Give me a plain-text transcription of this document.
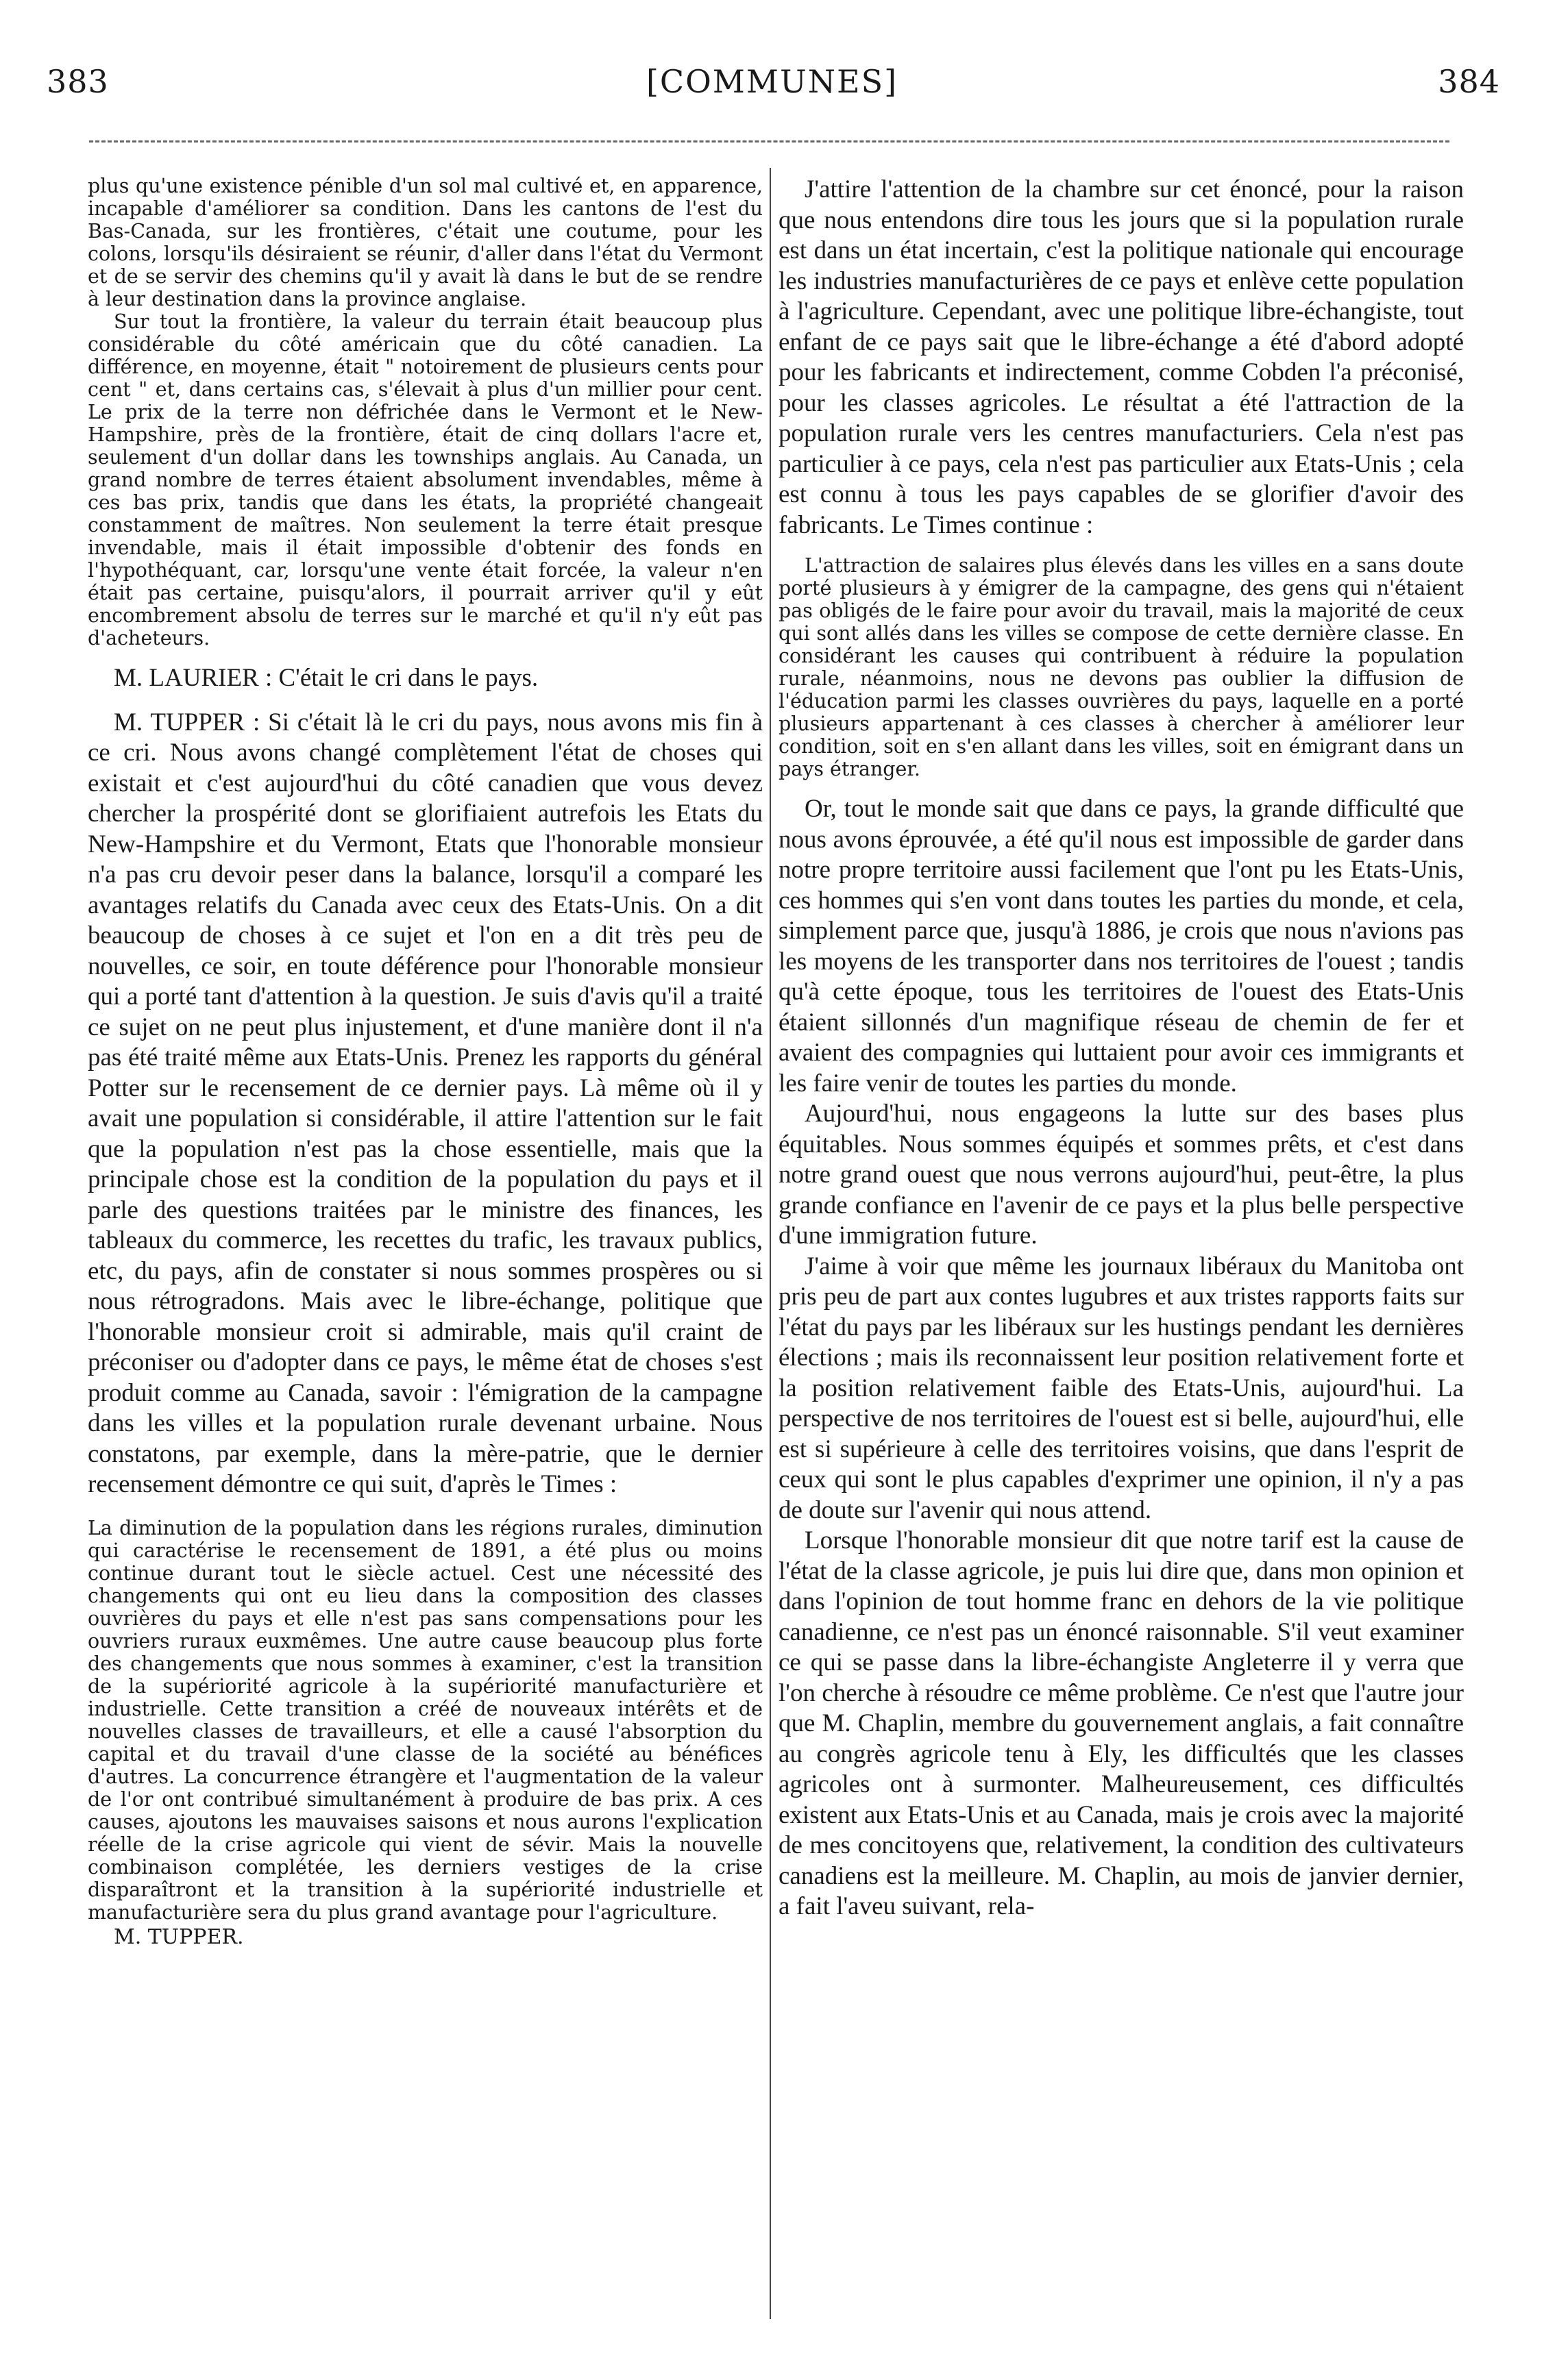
383	[COMMUNES]	384

plus qu'une existence pénible d'un sol mal cultivé et, en apparence, incapable d'améliorer sa condition. Dans les cantons de l'est du Bas-Canada, sur les frontières, c'était une coutume, pour les colons, lorsqu'ils désiraient se réunir, d'aller dans l'état du Vermont et de se servir des chemins qu'il y avait là dans le but de se rendre à leur destination dans la province anglaise.

Sur tout la frontière, la valeur du terrain était beaucoup plus considérable du côté américain que du côté canadien. La différence, en moyenne, était " notoirement de plusieurs cents pour cent " et, dans certains cas, s'élevait à plus d'un millier pour cent. Le prix de la terre non défrichée dans le Vermont et le New-Hampshire, près de la frontière, était de cinq dollars l'acre et, seulement d'un dollar dans les townships anglais. Au Canada, un grand nombre de terres étaient absolument invendables, même à ces bas prix, tandis que dans les états, la propriété changeait constamment de maîtres. Non seulement la terre était presque invendable, mais il était impossible d'obtenir des fonds en l'hypothéquant, car, lorsqu'une vente était forcée, la valeur n'en était pas certaine, puisqu'alors, il pourrait arriver qu'il y eût encombrement absolu de terres sur le marché et qu'il n'y eût pas d'acheteurs.

M. LAURIER : C'était le cri dans le pays.

M. TUPPER : Si c'était là le cri du pays, nous avons mis fin à ce cri. Nous avons changé complètement l'état de choses qui existait et c'est aujourd'hui du côté canadien que vous devez chercher la prospérité dont se glorifiaient autrefois les Etats du New-Hampshire et du Vermont, Etats que l'honorable monsieur n'a pas cru devoir peser dans la balance, lorsqu'il a comparé les avantages relatifs du Canada avec ceux des Etats-Unis. On a dit beaucoup de choses à ce sujet et l'on en a dit très peu de nouvelles, ce soir, en toute déférence pour l'honorable monsieur qui a porté tant d'attention à la question. Je suis d'avis qu'il a traité ce sujet on ne peut plus injustement, et d'une manière dont il n'a pas été traité même aux Etats-Unis. Prenez les rapports du général Potter sur le recensement de ce dernier pays. Là même où il y avait une population si considérable, il attire l'attention sur le fait que la population n'est pas la chose essentielle, mais que la principale chose est la condition de la population du pays et il parle des questions traitées par le ministre des finances, les tableaux du commerce, les recettes du trafic, les travaux publics, etc, du pays, afin de constater si nous sommes prospères ou si nous rétrogradons. Mais avec le libre-échange, politique que l'honorable monsieur croit si admirable, mais qu'il craint de préconiser ou d'adopter dans ce pays, le même état de choses s'est produit comme au Canada, savoir : l'émigration de la campagne dans les villes et la population rurale devenant urbaine. Nous constatons, par exemple, dans la mère-patrie, que le dernier recensement démontre ce qui suit, d'après le Times :

La diminution de la population dans les régions rurales, diminution qui caractérise le recensement de 1891, a été plus ou moins continue durant tout le siècle actuel. Cest une nécessité des changements qui ont eu lieu dans la composition des classes ouvrières du pays et elle n'est pas sans compensations pour les ouvriers ruraux euxmêmes. Une autre cause beaucoup plus forte des changements que nous sommes à examiner, c'est la transition de la supériorité agricole à la supériorité manufacturière et industrielle. Cette transition a créé de nouveaux intérêts et de nouvelles classes de travailleurs, et elle a causé l'absorption du capital et du travail d'une classe de la société au bénéfices d'autres. La concurrence étrangère et l'augmentation de la valeur de l'or ont contribué simultanément à produire de bas prix. A ces causes, ajoutons les mauvaises saisons et nous aurons l'explication réelle de la crise agricole qui vient de sévir. Mais la nouvelle combinaison complétée, les derniers vestiges de la crise disparaîtront et la transition à la supériorité industrielle et manufacturière sera du plus grand avantage pour l'agriculture.

M. TUPPER.

J'attire l'attention de la chambre sur cet énoncé, pour la raison que nous entendons dire tous les jours que si la population rurale est dans un état incertain, c'est la politique nationale qui encourage les industries manufacturières de ce pays et enlève cette population à l'agriculture. Cependant, avec une politique libre-échangiste, tout enfant de ce pays sait que le libre-échange a été d'abord adopté pour les fabricants et indirectement, comme Cobden l'a préconisé, pour les classes agricoles. Le résultat a été l'attraction de la population rurale vers les centres manufacturiers. Cela n'est pas particulier à ce pays, cela n'est pas particulier aux Etats-Unis ; cela est connu à tous les pays capables de se glorifier d'avoir des fabricants. Le Times continue :

L'attraction de salaires plus élevés dans les villes en a sans doute porté plusieurs à y émigrer de la campagne, des gens qui n'étaient pas obligés de le faire pour avoir du travail, mais la majorité de ceux qui sont allés dans les villes se compose de cette dernière classe. En considérant les causes qui contribuent à réduire la population rurale, néanmoins, nous ne devons pas oublier la diffusion de l'éducation parmi les classes ouvrières du pays, laquelle en a porté plusieurs appartenant à ces classes à chercher à améliorer leur condition, soit en s'en allant dans les villes, soit en émigrant dans un pays étranger.

Or, tout le monde sait que dans ce pays, la grande difficulté que nous avons éprouvée, a été qu'il nous est impossible de garder dans notre propre territoire aussi facilement que l'ont pu les Etats-Unis, ces hommes qui s'en vont dans toutes les parties du monde, et cela, simplement parce que, jusqu'à 1886, je crois que nous n'avions pas les moyens de les transporter dans nos territoires de l'ouest ; tandis qu'à cette époque, tous les territoires de l'ouest des Etats-Unis étaient sillonnés d'un magnifique réseau de chemin de fer et avaient des compagnies qui luttaient pour avoir ces immigrants et les faire venir de toutes les parties du monde.

Aujourd'hui, nous engageons la lutte sur des bases plus équitables. Nous sommes équipés et sommes prêts, et c'est dans notre grand ouest que nous verrons aujourd'hui, peut-être, la plus grande confiance en l'avenir de ce pays et la plus belle perspective d'une immigration future.

J'aime à voir que même les journaux libéraux du Manitoba ont pris peu de part aux contes lugubres et aux tristes rapports faits sur l'état du pays par les libéraux sur les hustings pendant les dernières élections ; mais ils reconnaissent leur position relativement forte et la position relativement faible des Etats-Unis, aujourd'hui. La perspective de nos territoires de l'ouest est si belle, aujourd'hui, elle est si supérieure à celle des territoires voisins, que dans l'esprit de ceux qui sont le plus capables d'exprimer une opinion, il n'y a pas de doute sur l'avenir qui nous attend.

Lorsque l'honorable monsieur dit que notre tarif est la cause de l'état de la classe agricole, je puis lui dire que, dans mon opinion et dans l'opinion de tout homme franc en dehors de la vie politique canadienne, ce n'est pas un énoncé raisonnable. S'il veut examiner ce qui se passe dans la libre-échangiste Angleterre il y verra que l'on cherche à résoudre ce même problème. Ce n'est que l'autre jour que M. Chaplin, membre du gouvernement anglais, a fait connaître au congrès agricole tenu à Ely, les difficultés que les classes agricoles ont à surmonter. Malheureusement, ces difficultés existent aux Etats-Unis et au Canada, mais je crois avec la majorité de mes concitoyens que, relativement, la condition des cultivateurs canadiens est la meilleure. M. Chaplin, au mois de janvier dernier, a fait l'aveu suivant, rela-
